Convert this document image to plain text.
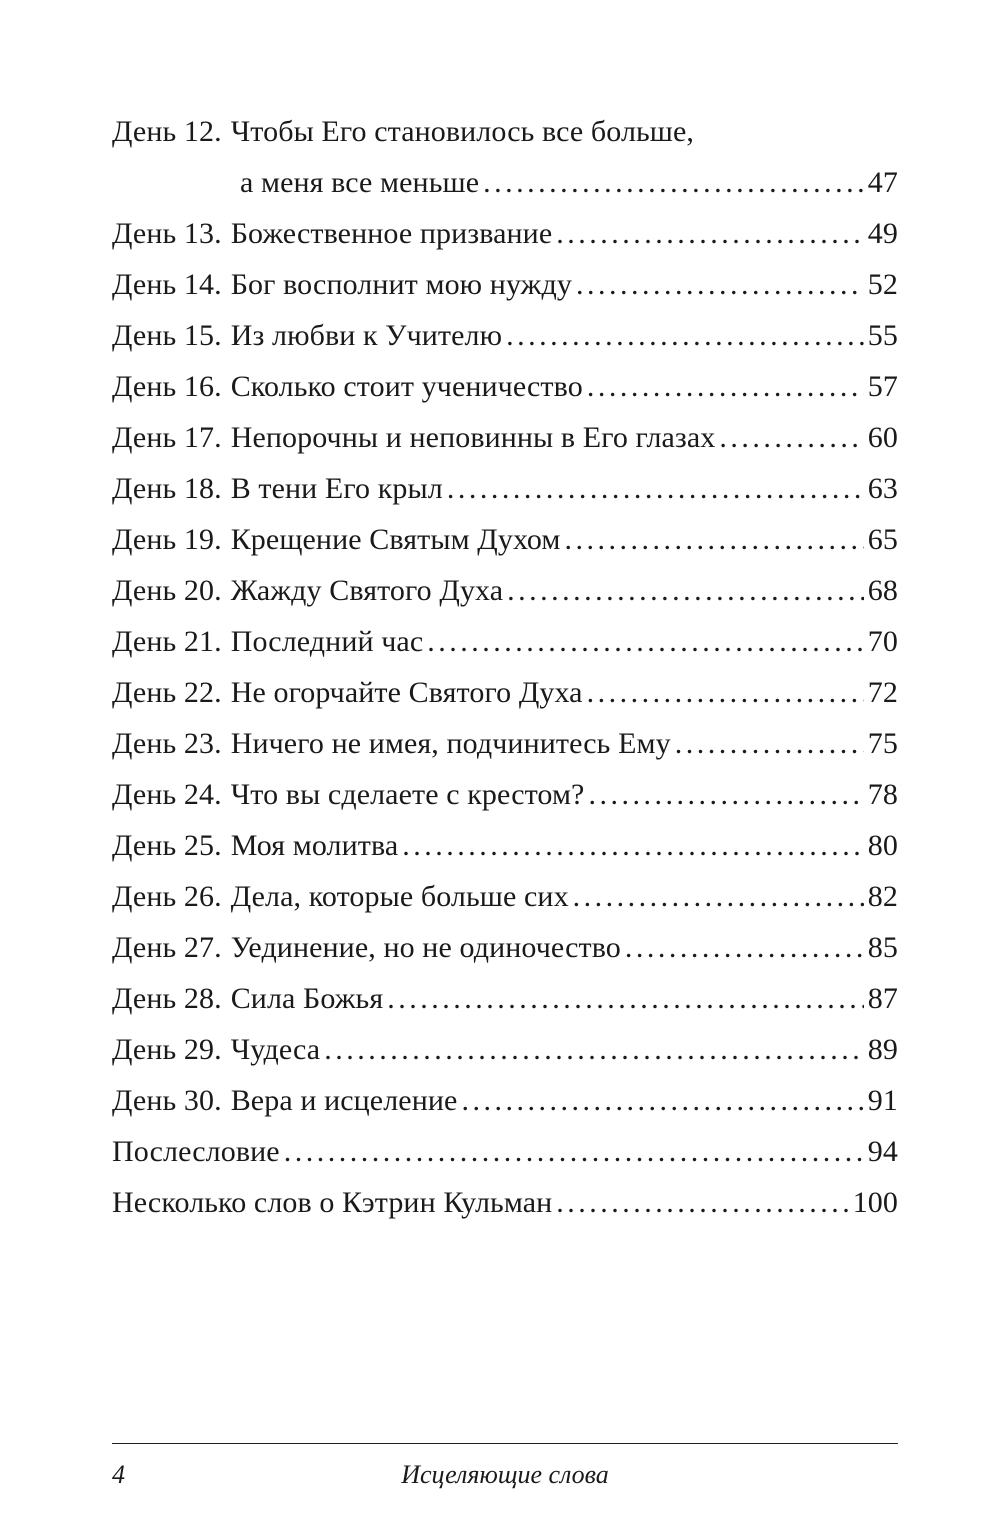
День 12. Чтобы Его становилось все больше,
а меня все меньше . . .	47
День 13. Божественное призвание . . .	49
День 14. Бог восполнит мою нужду . . .	52
День 15. Из любви к Учителю . . .	55
День 16. Сколько стоит ученичество . . .	57
День 17. Непорочны и неповинны в Его глазах . . .	60
День 18. В тени Его крыл . . .	63
День 19. Крещение Святым Духом . . .	65
День 20. Жажду Святого Духа . . .	68
День 21. Последний час . . .	70
День 22. Не огорчайте Святого Духа . . .	72
День 23. Ничего не имея, подчинитесь Ему . . .	75
День 24. Что вы сделаете с крестом? . . .	78
День 25. Моя молитва . . .	80
День 26. Дела, которые больше сих . . .	82
День 27. Уединение, но не одиночество . . .	85
День 28. Сила Божья . . .	87
День 29. Чудеса . . .	89
День 30. Вера и исцеление . . .	91
Послесловие . . .	94
Несколько слов о Кэтрин Кульман . . .	100
4	Исцеляющие слова
